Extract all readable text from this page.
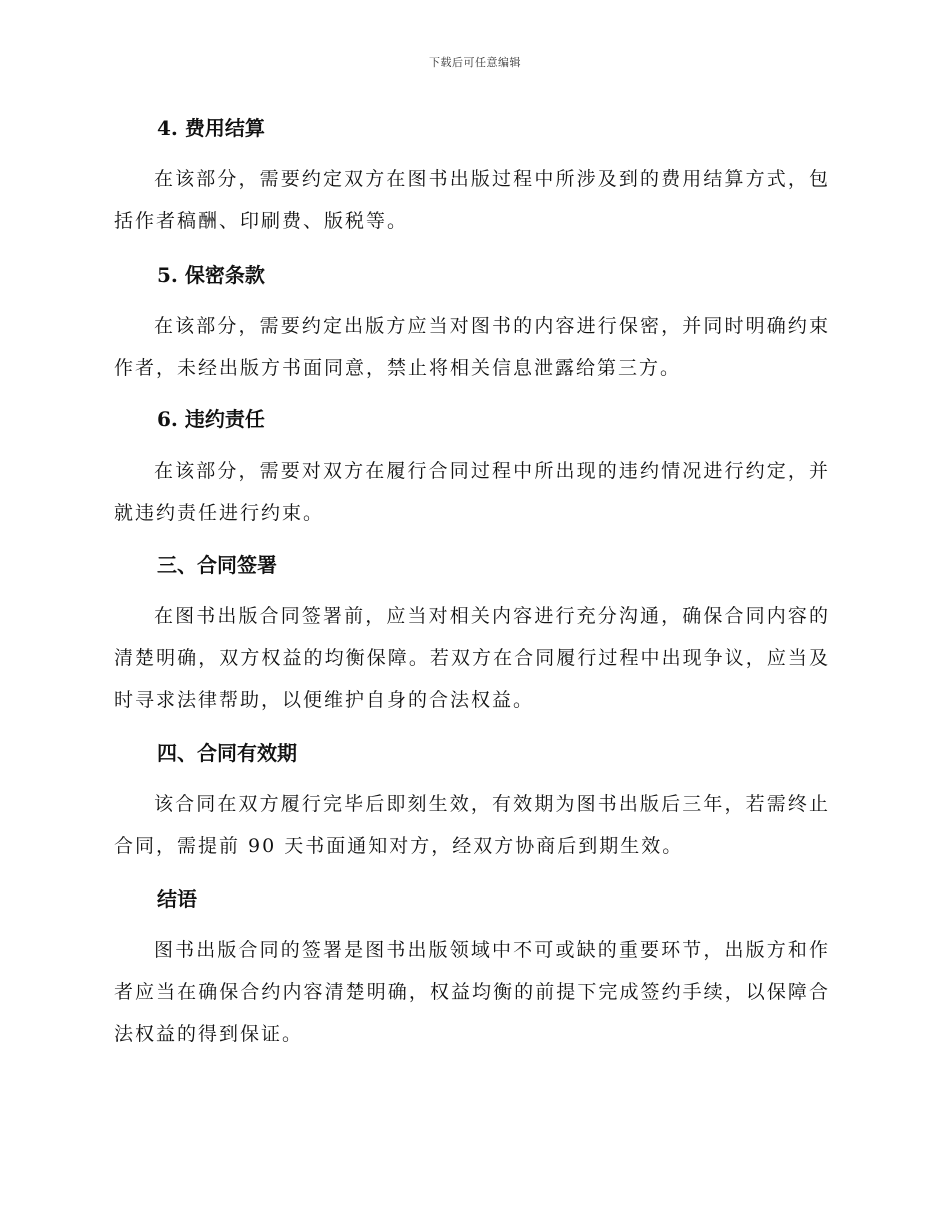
下载后可任意编辑
4. 费用结算

在该部分，需要约定双方在图书出版过程中所涉及到的费用结算方式，包括作者稿酬、印刷费、版税等。

5. 保密条款

在该部分，需要约定出版方应当对图书的内容进行保密，并同时明确约束作者，未经出版方书面同意，禁止将相关信息泄露给第三方。

6. 违约责任

在该部分，需要对双方在履行合同过程中所出现的违约情况进行约定，并就违约责任进行约束。

三、合同签署

在图书出版合同签署前，应当对相关内容进行充分沟通，确保合同内容的清楚明确，双方权益的均衡保障。若双方在合同履行过程中出现争议，应当及时寻求法律帮助，以便维护自身的合法权益。

四、合同有效期

该合同在双方履行完毕后即刻生效，有效期为图书出版后三年，若需终止合同，需提前 90 天书面通知对方，经双方协商后到期生效。

结语

图书出版合同的签署是图书出版领域中不可或缺的重要环节，出版方和作者应当在确保合约内容清楚明确，权益均衡的前提下完成签约手续，以保障合法权益的得到保证。
